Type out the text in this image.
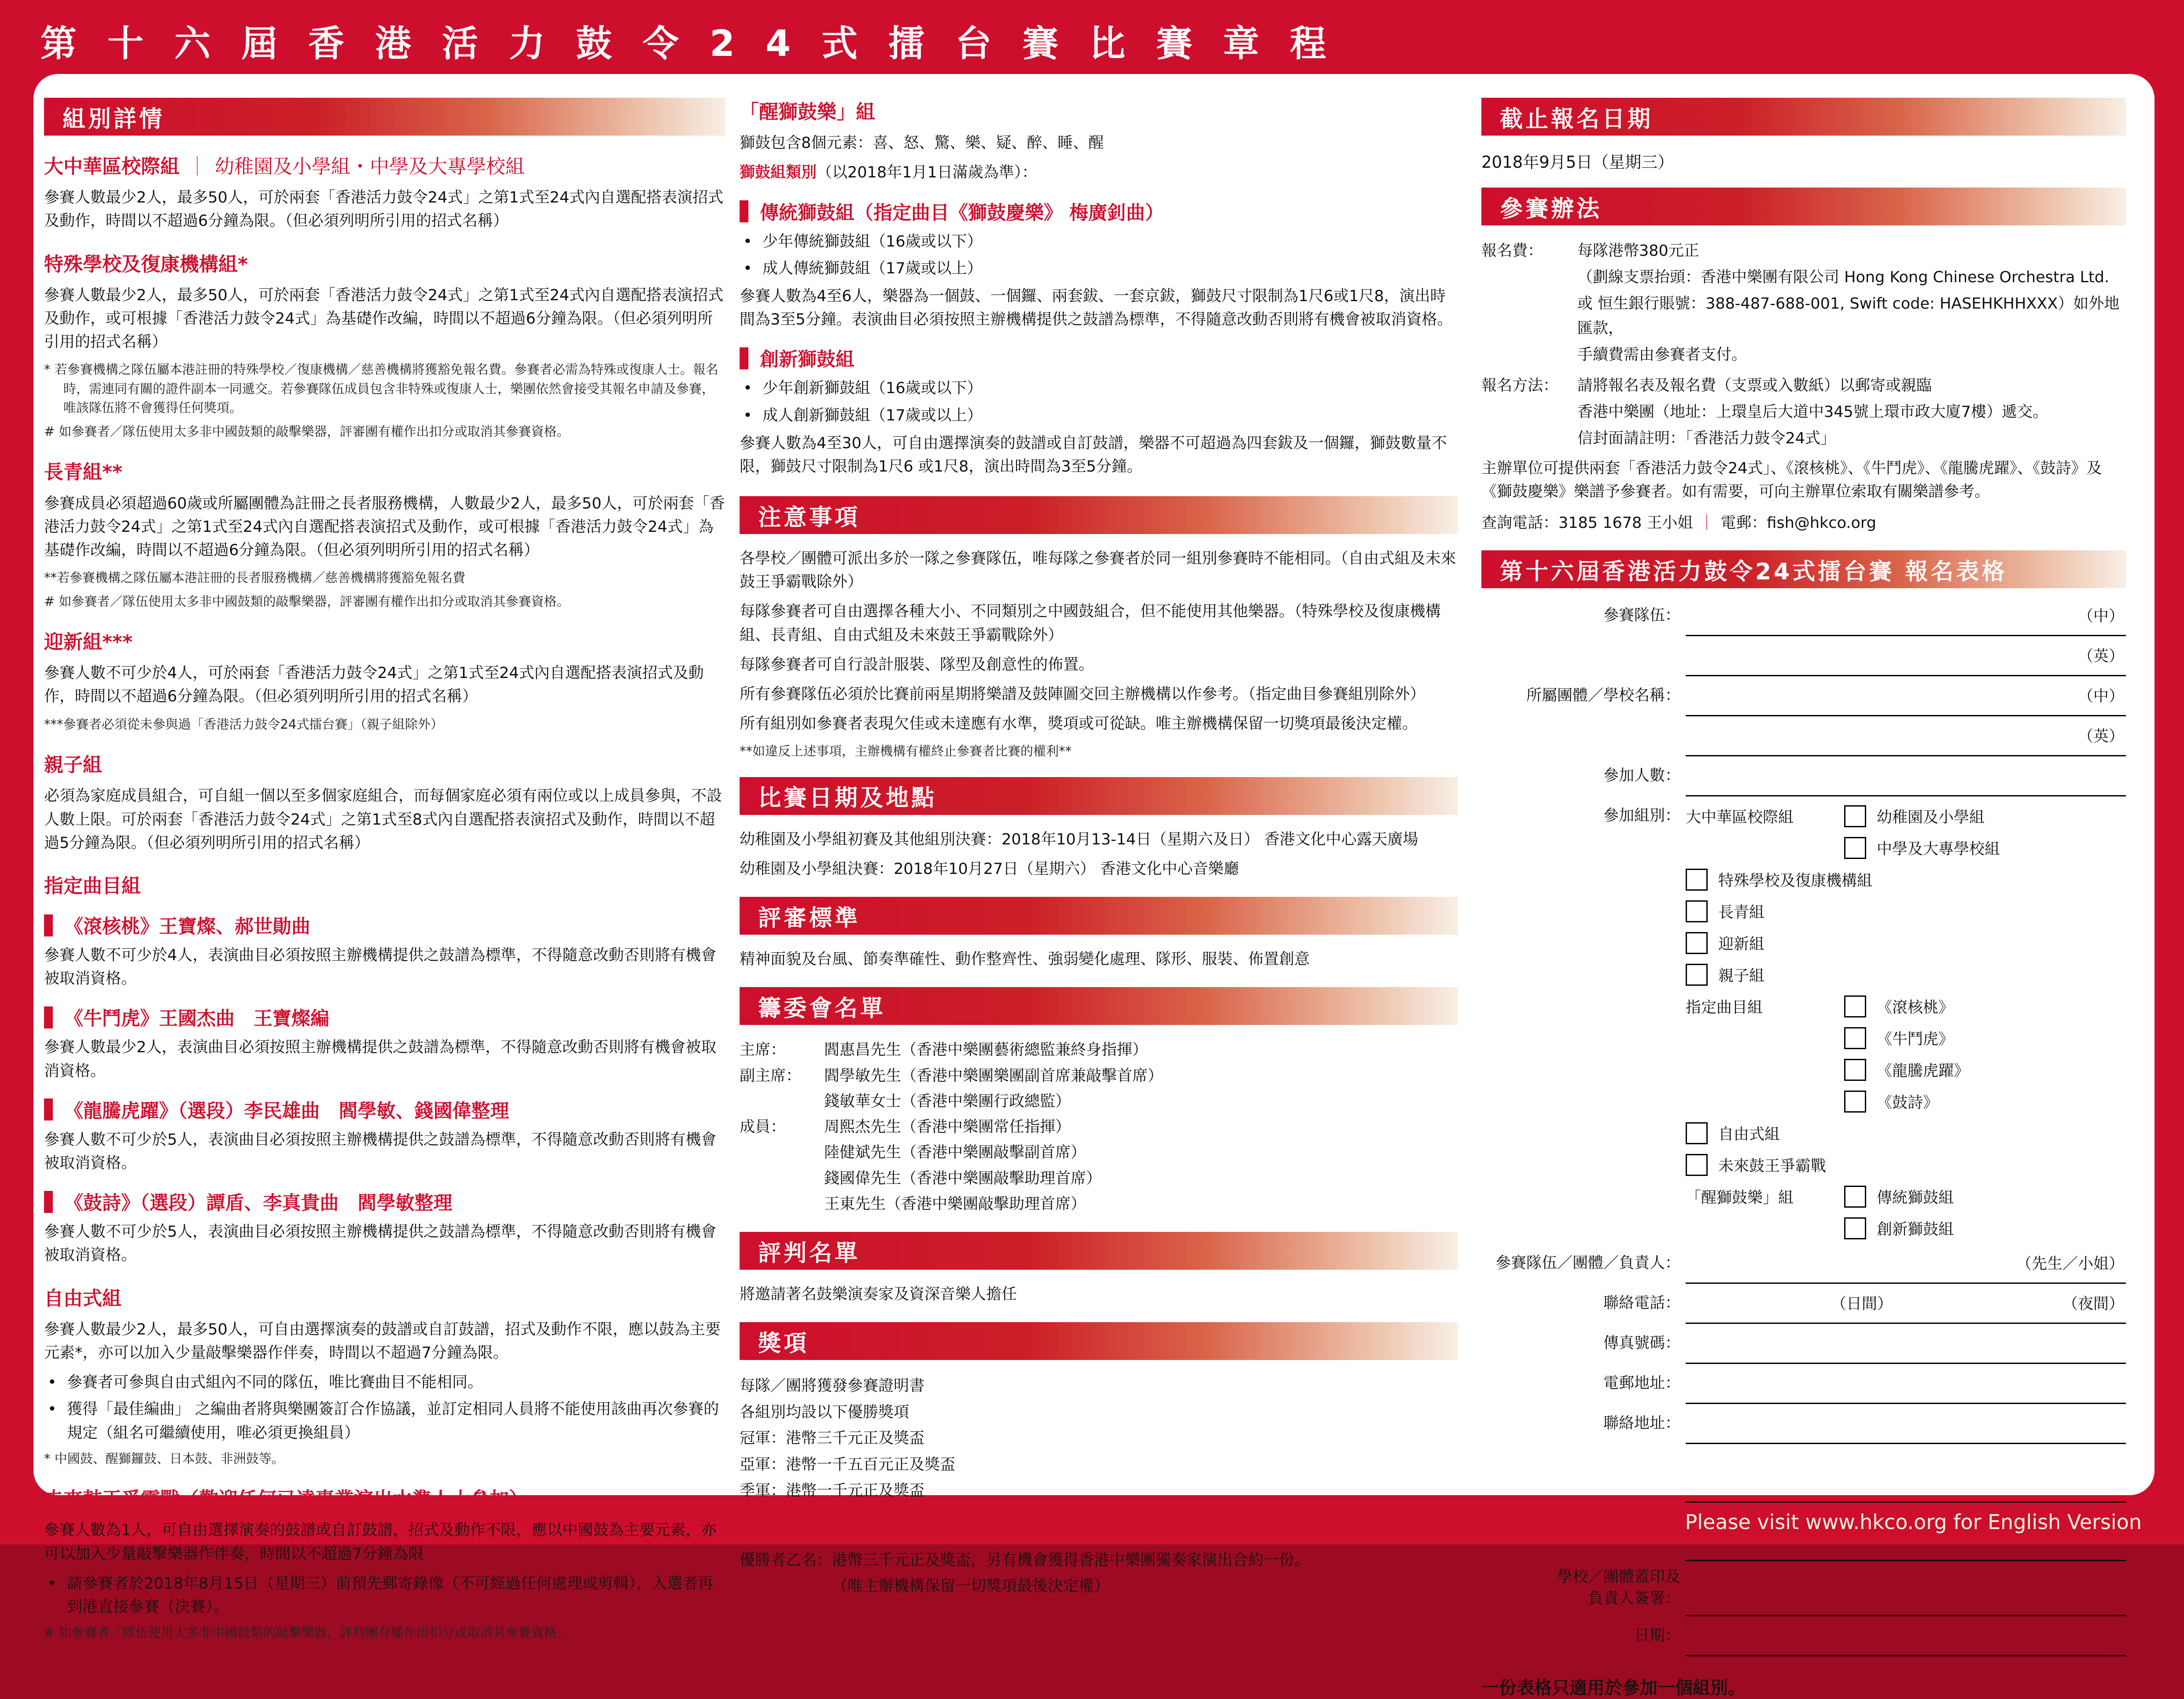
第十六屆香港活力鼓令24式擂台賽比賽章程
組別詳情
大中華區校際組 ｜ 幼稚園及小學組・中學及大專學校組

參賽人數最少2人，最多50人，可於兩套「香港活力鼓令24式」之第1式至24式內自選配搭表演招式及動作，時間以不超過6分鐘為限。（但必須列明所引用的招式名稱）

特殊學校及復康機構組*

參賽人數最少2人，最多50人，可於兩套「香港活力鼓令24式」之第1式至24式內自選配搭表演招式及動作，或可根據「香港活力鼓令24式」為基礎作改編，時間以不超過6分鐘為限。（但必須列明所引用的招式名稱）

* 若參賽機構之隊伍屬本港註冊的特殊學校／復康機構／慈善機構將獲豁免報名費。參賽者必需為特殊或復康人士。報名時，需連同有關的證件副本一同遞交。若參賽隊伍成員包含非特殊或復康人士，樂團依然會接受其報名申請及參賽，唯該隊伍將不會獲得任何獎項。

# 如參賽者／隊伍使用太多非中國鼓類的敲擊樂器，評審團有權作出扣分或取消其參賽資格。

長青組**

參賽成員必須超過60歲或所屬團體為註冊之長者服務機構，人數最少2人，最多50人，可於兩套「香港活力鼓令24式」之第1式至24式內自選配搭表演招式及動作，或可根據「香港活力鼓令24式」為基礎作改編，時間以不超過6分鐘為限。（但必須列明所引用的招式名稱）

**若參賽機構之隊伍屬本港註冊的長者服務機構／慈善機構將獲豁免報名費

# 如參賽者／隊伍使用太多非中國鼓類的敲擊樂器，評審團有權作出扣分或取消其參賽資格。

迎新組***

參賽人數不可少於4人，可於兩套「香港活力鼓令24式」之第1式至24式內自選配搭表演招式及動作，時間以不超過6分鐘為限。（但必須列明所引用的招式名稱）

***參賽者必須從未參與過「香港活力鼓令24式擂台賽」（親子組除外）

親子組

必須為家庭成員組合，可自組一個以至多個家庭組合，而每個家庭必須有兩位或以上成員參與，不設人數上限。可於兩套「香港活力鼓令24式」之第1式至8式內自選配搭表演招式及動作，時間以不超過5分鐘為限。（但必須列明所引用的招式名稱）

指定曲目組
《滾核桃》王寶燦、郝世勛曲

參賽人數不可少於4人，表演曲目必須按照主辦機構提供之鼓譜為標準，不得隨意改動否則將有機會被取消資格。

《牛鬥虎》王國杰曲　王寶燦編

參賽人數最少2人，表演曲目必須按照主辦機構提供之鼓譜為標準，不得隨意改動否則將有機會被取消資格。

《龍騰虎躍》（選段）李民雄曲　閻學敏、錢國偉整理

參賽人數不可少於5人，表演曲目必須按照主辦機構提供之鼓譜為標準，不得隨意改動否則將有機會被取消資格。

《鼓詩》（選段）譚盾、李真貴曲　閻學敏整理

參賽人數不可少於5人，表演曲目必須按照主辦機構提供之鼓譜為標準，不得隨意改動否則將有機會被取消資格。

自由式組

參賽人數最少2人，最多50人，可自由選擇演奏的鼓譜或自訂鼓譜，招式及動作不限，應以鼓為主要元素*，亦可以加入少量敲擊樂器作伴奏，時間以不超過7分鐘為限。

• 參賽者可參與自由式組內不同的隊伍，唯比賽曲目不能相同。
• 獲得「最佳編曲」 之編曲者將與樂團簽訂合作協議，並訂定相同人員將不能使用該曲再次參賽的規定（組名可繼續使用，唯必須更換組員）

* 中國鼓、醒獅鑼鼓、日本鼓、非洲鼓等。

未來鼓王爭霸戰（歡迎任何已達專業演出水準人士參加）

參賽人數為1人，可自由選擇演奏的鼓譜或自訂鼓譜，招式及動作不限，應以中國鼓為主要元素，亦可以加入少量敲擊樂器作伴奏，時間以不超過7分鐘為限

• 請參賽者於2018年8月15日（星期三）前預先郵寄錄像（不可經過任何處理或剪輯），入選者再到港直接參賽（決賽）。

# 如參賽者／隊伍使用太多非中國鼓類的敲擊樂器，評判團有權作出扣分或取消其參賽資格。

「醒獅鼓樂」組

獅鼓包含8個元素：喜、怒、驚、樂、疑、醉、睡、醒

獅鼓組類別（以2018年1月1日滿歲為準）：

傳統獅鼓組（指定曲目《獅鼓慶樂》 梅廣釗曲）
• 少年傳統獅鼓組（16歲或以下）
• 成人傳統獅鼓組（17歲或以上）

參賽人數為4至6人，樂器為一個鼓、一個鑼、兩套鈸、一套京鈸，獅鼓尺寸限制為1尺6或1尺8，演出時間為3至5分鐘。表演曲目必須按照主辦機構提供之鼓譜為標準，不得隨意改動否則將有機會被取消資格。

創新獅鼓組
• 少年創新獅鼓組（16歲或以下）
• 成人創新獅鼓組（17歲或以上）

參賽人數為4至30人，可自由選擇演奏的鼓譜或自訂鼓譜，樂器不可超過為四套鈸及一個鑼，獅鼓數量不限，獅鼓尺寸限制為1尺6 或1尺8，演出時間為3至5分鐘。

注意事項

各學校／團體可派出多於一隊之參賽隊伍，唯每隊之參賽者於同一組別參賽時不能相同。（自由式組及未來鼓王爭霸戰除外）

每隊參賽者可自由選擇各種大小、不同類別之中國鼓組合，但不能使用其他樂器。（特殊學校及復康機構組、長青組、自由式組及未來鼓王爭霸戰除外）

每隊參賽者可自行設計服裝、隊型及創意性的佈置。

所有參賽隊伍必須於比賽前兩星期將樂譜及鼓陣圖交回主辦機構以作參考。（指定曲目參賽組別除外）

所有組別如參賽者表現欠佳或未達應有水準，獎項或可從缺。唯主辦機構保留一切獎項最後決定權。

**如違反上述事項，主辦機構有權終止參賽者比賽的權利**

比賽日期及地點

幼稚園及小學組初賽及其他組別決賽：2018年10月13-14日（星期六及日） 香港文化中心露天廣場

幼稚園及小學組決賽：2018年10月27日（星期六） 香港文化中心音樂廳

評審標準

精神面貌及台風、節奏準確性、動作整齊性、強弱變化處理、隊形、服裝、佈置創意

籌委會名單
主席：	閻惠昌先生（香港中樂團藝術總監兼終身指揮）
副主席：	閻學敏先生（香港中樂團樂團副首席兼敲擊首席）
錢敏華女士（香港中樂團行政總監）
成員：	周熙杰先生（香港中樂團常任指揮）
陸健斌先生（香港中樂團敲擊副首席）
錢國偉先生（香港中樂團敲擊助理首席）
王東先生（香港中樂團敲擊助理首席）
評判名單

將邀請著名鼓樂演奏家及資深音樂人擔任

獎項

每隊／團將獲發參賽證明書

各組別均設以下優勝獎項

冠軍：港幣三千元正及獎盃

亞軍：港幣一千五百元正及獎盃

季軍：港幣一千元正及獎盃

未來鼓王爭霸戰比賽

優勝者乙名：港幣三千元正及獎盃，另有機會獲得香港中樂團獨奏家演出合約一份。

（唯主辦機構保留一切獎項最後決定權）

截止報名日期

2018年9月5日（星期三）

參賽辦法
報名費：	每隊港幣380元正

（劃線支票抬頭：香港中樂團有限公司 Hong Kong Chinese Orchestra Ltd.

或 恒生銀行賬號：388-487-688-001, Swift code: HASEHKHHXXX）如外地匯款，

手續費需由參賽者支付。

報名方法：	請將報名表及報名費（支票或入數紙）以郵寄或親臨

香港中樂團（地址：上環皇后大道中345號上環市政大廈7樓）遞交。

信封面請註明：「香港活力鼓令24式」

主辦單位可提供兩套「香港活力鼓令24式」、《滾核桃》、《牛鬥虎》、《龍騰虎躍》、《鼓詩》及《獅鼓慶樂》樂譜予參賽者。如有需要，可向主辦單位索取有關樂譜參考。

查詢電話：3185 1678 王小姐 ｜ 電郵：fish@hkco.org

第十六屆香港活力鼓令24式擂台賽 報名表格
參賽隊伍：	（中）
（英）
所屬團體／學校名稱：	（中）
（英）
參加人數：
參加組別： 大中華區校際組	幼稚園及小學組
中學及大專學校組
特殊學校及復康機構組
長青組
迎新組
親子組
指定曲目組	《滾核桃》
《牛鬥虎》
《龍騰虎躍》
《鼓詩》
自由式組
未來鼓王爭霸戰
「醒獅鼓樂」組	傳統獅鼓組
創新獅鼓組
參賽隊伍／團體／負責人：	（先生／小姐）
聯絡電話：	（日間）	（夜間）
傳真號碼：
電郵地址：
聯絡地址：
學校／團體蓋印及
負責人簽署：
日期：
一份表格只適用於參加一個組別。
Please visit www.hkco.org for English Version
